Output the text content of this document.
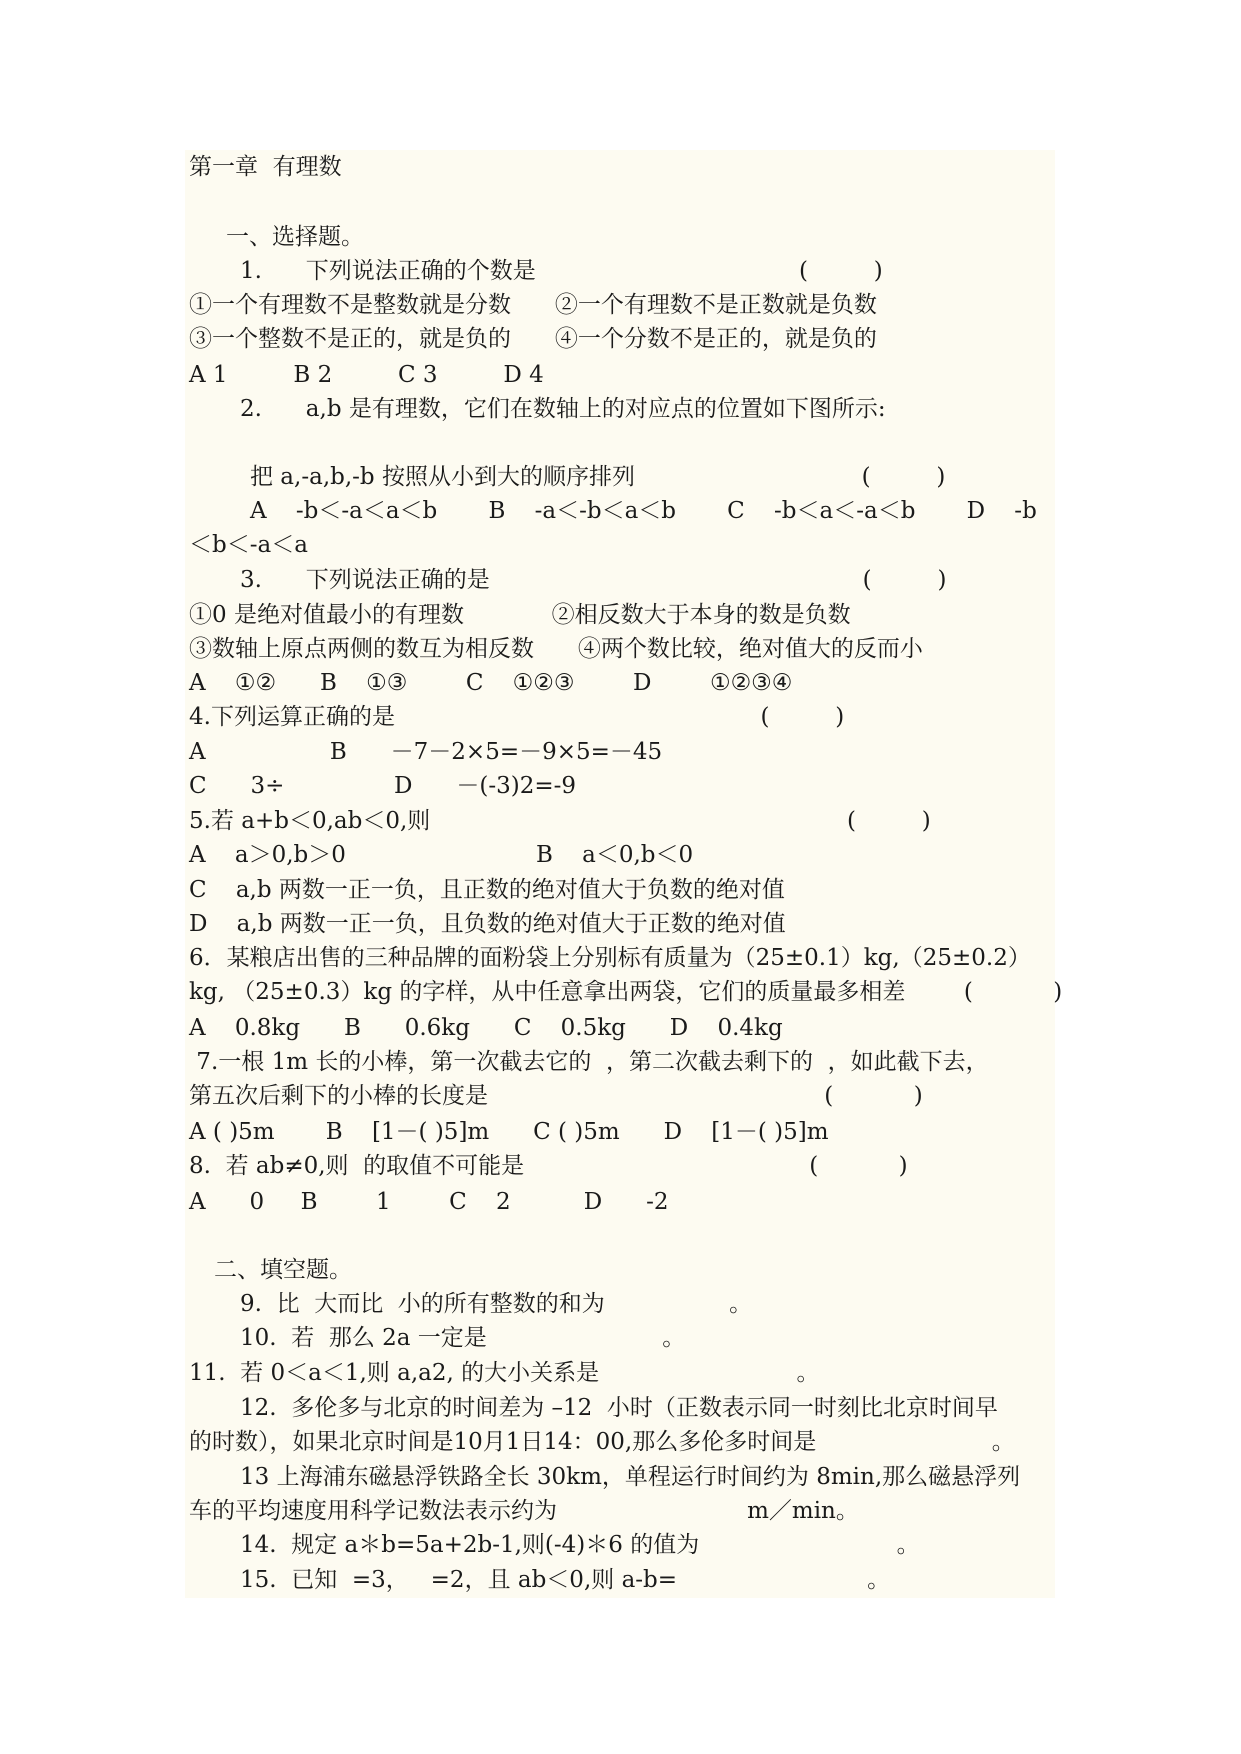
第一章  有理数
一、选择题。
1.      下列说法正确的个数是                                    (         )
①一个有理数不是整数就是分数      ②一个有理数不是正数就是负数
③一个整数不是正的，就是负的      ④一个分数不是正的，就是负的
A 1         B 2         C 3         D 4
2.      a,b 是有理数，它们在数轴上的对应点的位置如下图所示:
把 a,-a,b,-b 按照从小到大的顺序排列                               (         )
A    -b＜-a＜a＜b       B    -a＜-b＜a＜b       C    -b＜a＜-a＜b       D    -b
＜b＜-a＜a
3.      下列说法正确的是                                                   (         )
①0 是绝对值最小的有理数            ②相反数大于本身的数是负数
③数轴上原点两侧的数互为相反数      ④两个数比较，绝对值大的反而小
A    ①②      B    ①③        C    ①②③        D        ①②③④
4.下列运算正确的是                                                  (         )
A                 B      －7－2×5=－9×5=－45
C      3÷               D      －(-3)2=-9
5.若 a+b＜0,ab＜0,则                                                         (         )
A    a＞0,b＞0                          B    a＜0,b＜0
C    a,b 两数一正一负，且正数的绝对值大于负数的绝对值
D    a,b 两数一正一负，且负数的绝对值大于正数的绝对值
6．某粮店出售的三种品牌的面粉袋上分别标有质量为（25±0.1）kg,（25±0.2）
kg, （25±0.3）kg 的字样，从中任意拿出两袋，它们的质量最多相差        (           )
A    0.8kg      B      0.6kg      C    0.5kg      D    0.4kg
7.一根 1m 长的小棒，第一次截去它的  ，第二次截去剩下的  ，如此截下去，
第五次后剩下的小棒的长度是                                              (           )
A ( )5m       B    [1－( )5]m      C ( )5m      D    [1－( )5]m
8.  若 ab≠0,则  的取值不可能是                                       (           )
A      0     B        1        C    2          D      -2
二、填空题。
9.  比  大而比  小的所有整数的和为                 。
10.  若  那么 2a 一定是                        。
11.  若 0＜a＜1,则 a,a2, 的大小关系是                           。
12.  多伦多与北京的时间差为 –12  小时（正数表示同一时刻比北京时间早
的时数），如果北京时间是10月1日14：00,那么多伦多时间是                        。
13 上海浦东磁悬浮铁路全长 30km，单程运行时间约为 8min,那么磁悬浮列
车的平均速度用科学记数法表示约为                          m／min。
14.  规定 a＊b=5a+2b-1,则(-4)＊6 的值为                           。
15.  已知  =3，   =2，且 ab＜0,则 a-b=                          。
